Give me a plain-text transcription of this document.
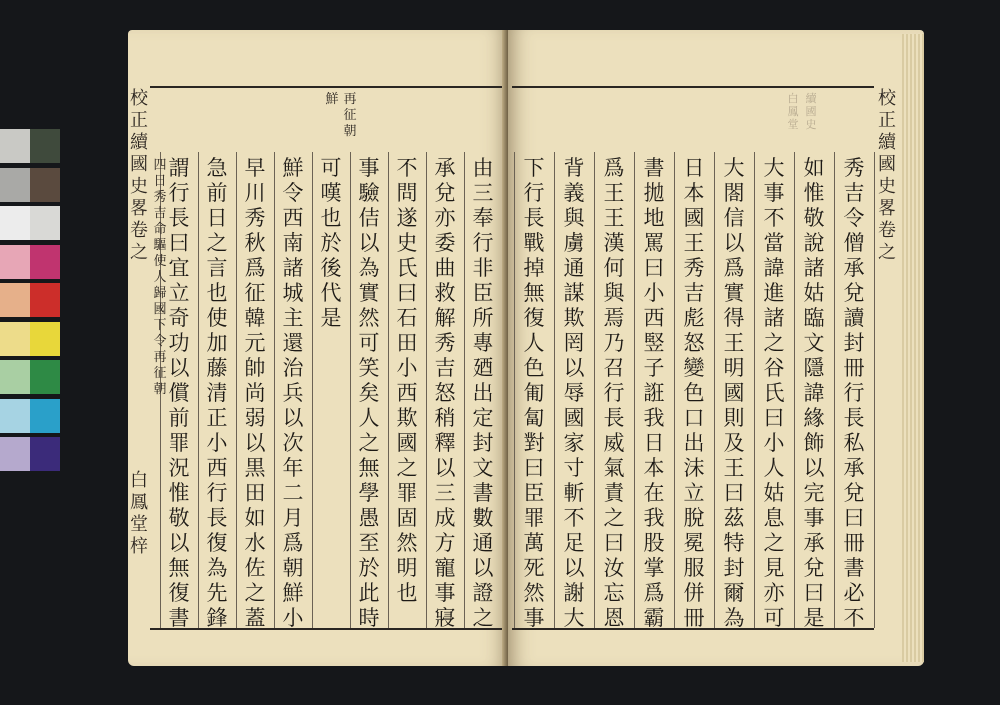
由
三
奉
行
非
臣
所
專
廼
出
定
封
文
書
數
通
以
證
之
承
兌
亦
委
曲
救
解
秀
吉
怒
稍
釋
以
三
成
方
寵
事
寢
不
問
遂
史
氏
曰
石
田
小
西
欺
國
之
罪
固
然
明
也
事
驗
佶
以
為
實
然
可
笑
矣
人
之
無
學
愚
至
於
此
時
可
嘆
也
於
後
代
是
鮮
令
西
南
諸
城
主
還
治
兵
以
次
年
二
月
爲
朝
鮮
小
早
川
秀
秋
爲
征
韓
元
帥
尚
弱
以
黒
田
如
水
佐
之
蓋
急
前
日
之
言
也
使
加
藤
清
正
小
西
行
長
復
為
先
鋒
謂
行
長
曰
宜
立
奇
功
以
償
前
罪
況
惟
敬
以
無
復
書
四
日
秀
吉
命
驅
使
人
歸
國
下
令
再
征
朝
校
正
續
國
史
畧
卷
之
白
鳳
堂
梓
再
征
朝
鮮
秀
吉
令
僧
承
兌
讀
封
冊
行
長
私
承
兌
曰
冊
書
必
不
如
惟
敬
說
諸
姑
臨
文
隱
諱
緣
飾
以
完
事
承
兌
曰
是
大
事
不
當
諱
進
諸
之
谷
氏
曰
小
人
姑
息
之
見
亦
可
大
閤
信
以
爲
實
得
王
明
國
則
及
王
曰
茲
特
封
爾
為
日
本
國
王
秀
吉
彪
怒
變
色
口
出
沫
立
脫
冕
服
併
冊
書
拋
地
罵
曰
小
西
竪
子
誑
我
日
本
在
我
股
掌
爲
霸
爲
王
王
漢
何
與
焉
乃
召
行
長
威
氣
責
之
曰
汝
忘
恩
背
義
與
虜
通
謀
欺
罔
以
辱
國
家
寸
斬
不
足
以
謝
大
下
行
長
戰
掉
無
復
人
色
匍
匐
對
曰
臣
罪
萬
死
然
事
校
正
續
國
史
畧
卷
之
續
國
史
白
鳳
堂
